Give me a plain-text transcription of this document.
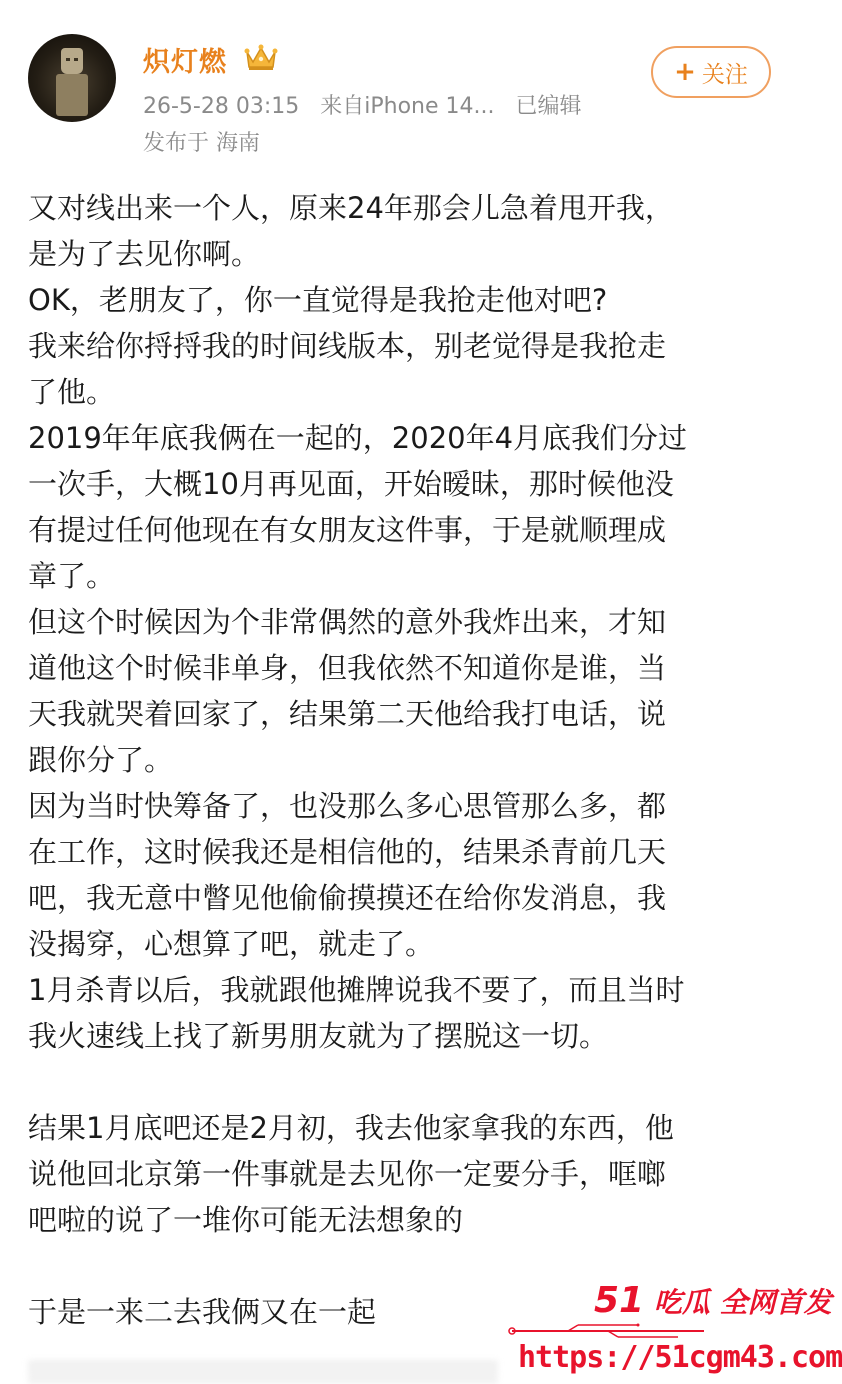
炽灯燃
26-5-28 03:15 来自iPhone 14... 已编辑
发布于 海南
+ 关注
又对线出来一个人，原来24年那会儿急着甩开我，
是为了去见你啊。
OK，老朋友了，你一直觉得是我抢走他对吧?
我来给你捋捋我的时间线版本，别老觉得是我抢走
了他。
2019年年底我俩在一起的，2020年4月底我们分过
一次手，大概10月再见面，开始暧昧，那时候他没
有提过任何他现在有女朋友这件事，于是就顺理成
章了。
但这个时候因为个非常偶然的意外我炸出来，才知
道他这个时候非单身，但我依然不知道你是谁，当
天我就哭着回家了，结果第二天他给我打电话，说
跟你分了。
因为当时快筹备了，也没那么多心思管那么多，都
在工作，这时候我还是相信他的，结果杀青前几天
吧，我无意中瞥见他偷偷摸摸还在给你发消息，我
没揭穿，心想算了吧，就走了。
1月杀青以后，我就跟他摊牌说我不要了，而且当时
我火速线上找了新男朋友就为了摆脱这一切。
结果1月底吧还是2月初，我去他家拿我的东西，他
说他回北京第一件事就是去见你一定要分手，哐啷
吧啦的说了一堆你可能无法想象的
于是一来二去我俩又在一起	51 吃瓜 全网首发
https://51cgm43.com
